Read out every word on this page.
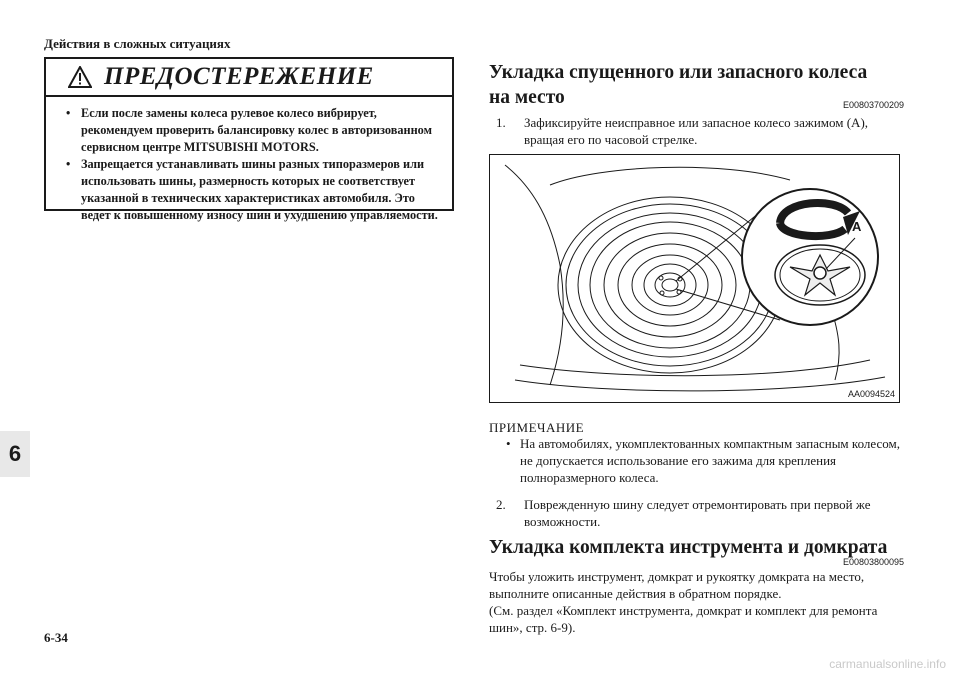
Действия в сложных ситуациях
6
6-34
carmanualsonline.info
ПРЕДОСТЕРЕЖЕНИЕ
• Если после замены колеса рулевое колесо вибрирует, рекомендуем проверить балансировку колес в авторизованном сервисном центре MITSUBISHI MOTORS.
• Запрещается устанавливать шины разных типоразмеров или использовать шины, размерность которых не соответствует указанной в технических характеристиках автомобиля. Это ведет к повышенному износу шин и ухудшению управляемости.
Укладка спущенного или запасного колеса
на место	E00803700209
1.	Зафиксируйте неисправное или запасное колесо зажимом (A), вращая его по часовой стрелке.
A
AA0094524
ПРИМЕЧАНИЕ
• На автомобилях, укомплектованных компактным запасным колесом, не допускается использование его зажима для крепления полноразмерного колеса.
2.	Поврежденную шину следует отремонтировать при первой же возможности.
Укладка комплекта инструмента и домкрата
E00803800095
Чтобы уложить инструмент, домкрат и рукоятку домкрата на место, выполните описанные действия в обратном порядке.
(См. раздел «Комплект инструмента, домкрат и комплект для ремонта шин», стр. 6-9).
